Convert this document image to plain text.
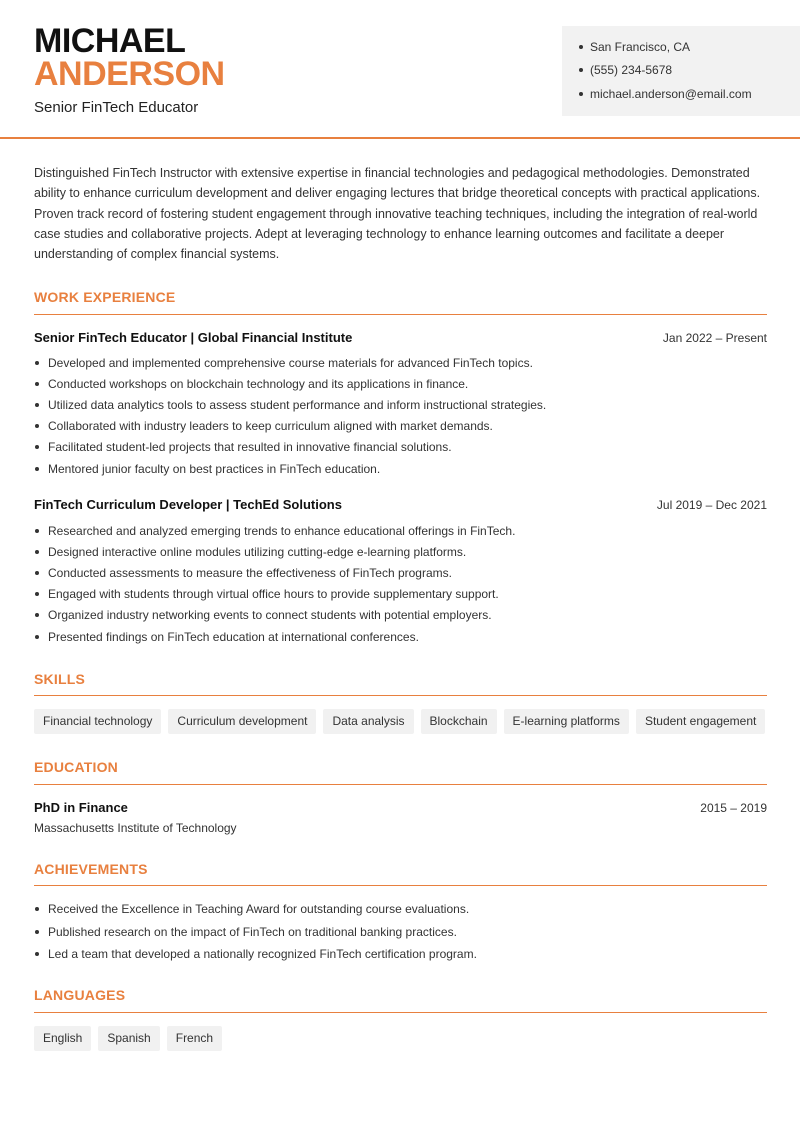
MICHAEL
ANDERSON
Senior FinTech Educator
San Francisco, CA
(555) 234-5678
michael.anderson@email.com
Distinguished FinTech Instructor with extensive expertise in financial technologies and pedagogical methodologies. Demonstrated ability to enhance curriculum development and deliver engaging lectures that bridge theoretical concepts with practical applications. Proven track record of fostering student engagement through innovative teaching techniques, including the integration of real-world case studies and collaborative projects. Adept at leveraging technology to enhance learning outcomes and facilitate a deeper understanding of complex financial systems.
WORK EXPERIENCE
Senior FinTech Educator | Global Financial Institute	Jan 2022 – Present
Developed and implemented comprehensive course materials for advanced FinTech topics.
Conducted workshops on blockchain technology and its applications in finance.
Utilized data analytics tools to assess student performance and inform instructional strategies.
Collaborated with industry leaders to keep curriculum aligned with market demands.
Facilitated student-led projects that resulted in innovative financial solutions.
Mentored junior faculty on best practices in FinTech education.
FinTech Curriculum Developer | TechEd Solutions	Jul 2019 – Dec 2021
Researched and analyzed emerging trends to enhance educational offerings in FinTech.
Designed interactive online modules utilizing cutting-edge e-learning platforms.
Conducted assessments to measure the effectiveness of FinTech programs.
Engaged with students through virtual office hours to provide supplementary support.
Organized industry networking events to connect students with potential employers.
Presented findings on FinTech education at international conferences.
SKILLS
Financial technology	Curriculum development	Data analysis	Blockchain	E-learning platforms	Student engagement
EDUCATION
PhD in Finance	2015 – 2019
Massachusetts Institute of Technology
ACHIEVEMENTS
Received the Excellence in Teaching Award for outstanding course evaluations.
Published research on the impact of FinTech on traditional banking practices.
Led a team that developed a nationally recognized FinTech certification program.
LANGUAGES
English	Spanish	French
